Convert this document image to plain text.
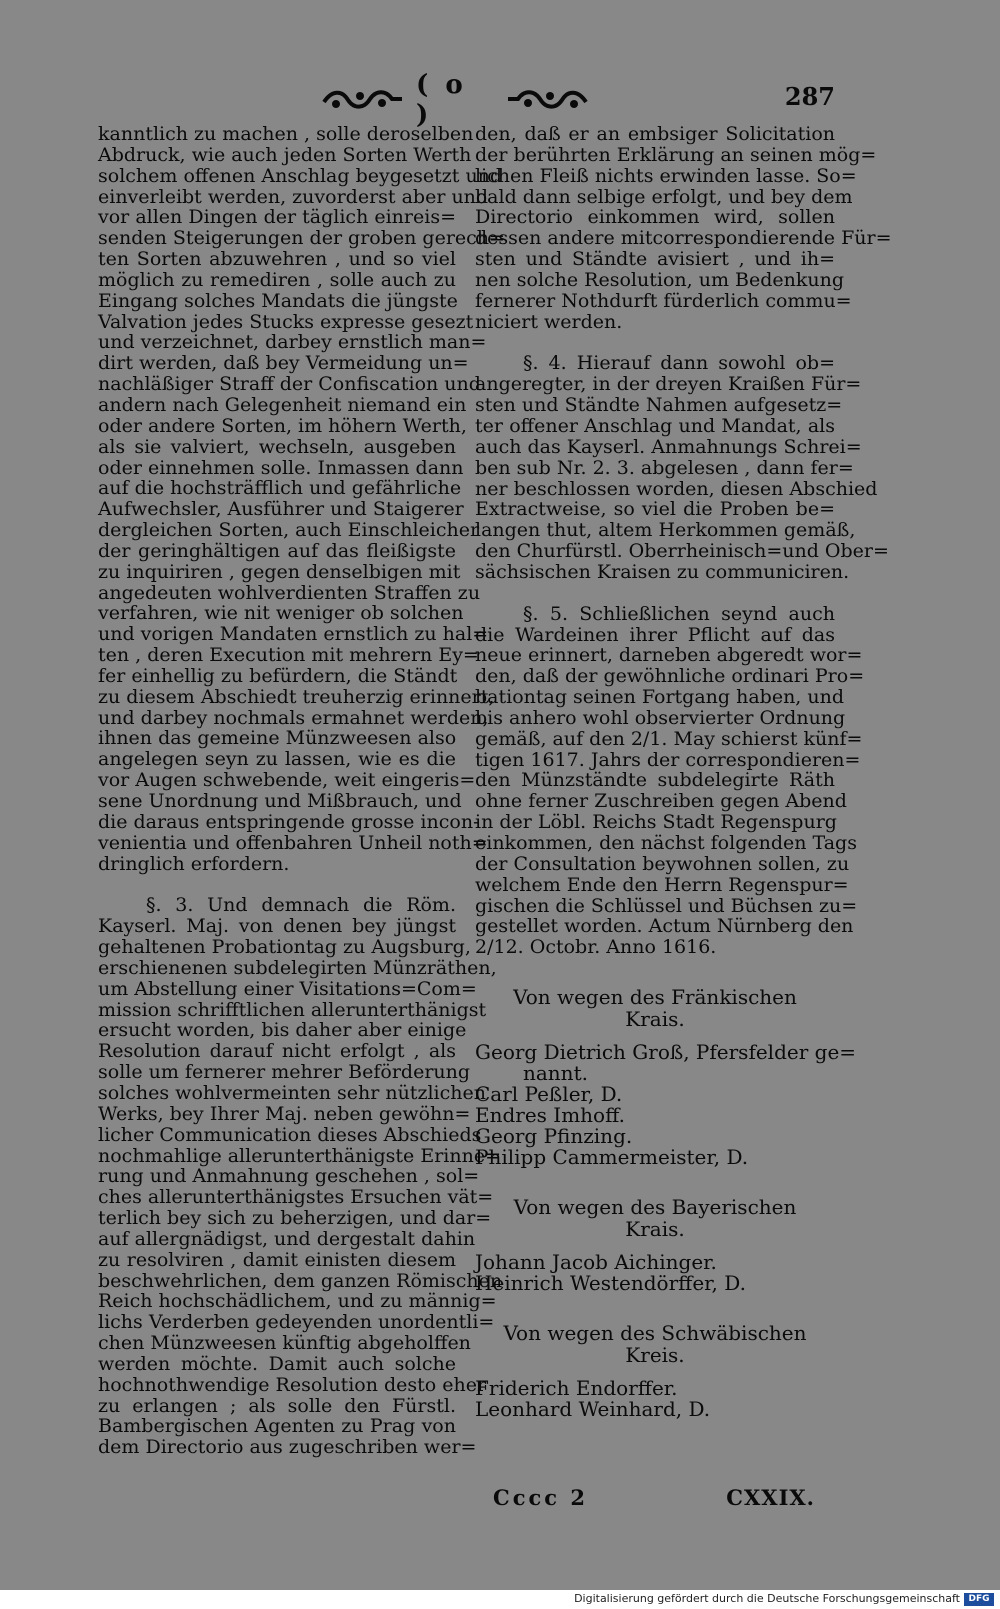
( o )
287
kanntlich zu machen , solle deroselben
Abdruck, wie auch jeden Sorten Werth
solchem offenen Anschlag beygesetzt und
einverleibt werden, zuvorderst aber und
vor allen Dingen der täglich einreis=
senden Steigerungen der groben gerech=
ten Sorten abzuwehren , und so viel
möglich zu remediren , solle auch zu
Eingang solches Mandats die jüngste
Valvation jedes Stucks expresse gesezt
und verzeichnet, darbey ernstlich man=
dirt werden, daß bey Vermeidung un=
nachläßiger Straff der Confiscation und
andern nach Gelegenheit niemand ein
oder andere Sorten, im höhern Werth,
als sie valviert, wechseln, ausgeben
oder einnehmen solle. Inmassen dann
auf die hochsträfflich und gefährliche
Aufwechsler, Ausführer und Staigerer
dergleichen Sorten, auch Einschleicher
der geringhältigen auf das fleißigste
zu inquiriren , gegen denselbigen mit
angedeuten wohlverdienten Straffen zu
verfahren, wie nit weniger ob solchen
und vorigen Mandaten ernstlich zu hal=
ten , deren Execution mit mehrern Ey=
fer einhellig zu befürdern, die Ständt
zu diesem Abschiedt treuherzig erinnert,
und darbey nochmals ermahnet werden,
ihnen das gemeine Münzweesen also
angelegen seyn zu lassen, wie es die
vor Augen schwebende, weit eingeris=
sene Unordnung und Mißbrauch, und
die daraus entspringende grosse incon-
venientia und offenbahren Unheil noth=
dringlich erfordern.
§. 3. Und demnach die Röm.
Kayserl. Maj. von denen bey jüngst
gehaltenen Probationtag zu Augsburg,
erschienenen subdelegirten Münzräthen,
um Abstellung einer Visitations=Com=
mission schrifftlichen allerunterthänigst
ersucht worden, bis daher aber einige
Resolution darauf nicht erfolgt , als
solle um fernerer mehrer Beförderung
solches wohlvermeinten sehr nützlichen
Werks, bey Ihrer Maj. neben gewöhn=
licher Communication dieses Abschieds
nochmahlige allerunterthänigste Erinne=
rung und Anmahnung geschehen , sol=
ches allerunterthänigstes Ersuchen vät=
terlich bey sich zu beherzigen, und dar=
auf allergnädigst, und dergestalt dahin
zu resolviren , damit einisten diesem
beschwehrlichen, dem ganzen Römischen
Reich hochschädlichem, und zu männig=
lichs Verderben gedeyenden unordentli=
chen Münzweesen künftig abgeholffen
werden möchte. Damit auch solche
hochnothwendige Resolution desto eher
zu erlangen ; als solle den Fürstl.
Bambergischen Agenten zu Prag von
dem Directorio aus zugeschriben wer=
den, daß er an embsiger Solicitation
der berührten Erklärung an seinen mög=
lichen Fleiß nichts erwinden lasse. So=
bald dann selbige erfolgt, und bey dem
Directorio einkommen wird, sollen
dessen andere mitcorrespondierende Für=
sten und Ständte avisiert , und ih=
nen solche Resolution, um Bedenkung
fernerer Nothdurft fürderlich commu=
niciert werden.
§. 4. Hierauf dann sowohl ob=
angeregter, in der dreyen Kraißen Für=
sten und Ständte Nahmen aufgesetz=
ter offener Anschlag und Mandat, als
auch das Kayserl. Anmahnungs Schrei=
ben sub Nr. 2. 3. abgelesen , dann fer=
ner beschlossen worden, diesen Abschied
Extractweise, so viel die Proben be=
langen thut, altem Herkommen gemäß,
den Churfürstl. Oberrheinisch=und Ober=
sächsischen Kraisen zu communiciren.
§. 5. Schließlichen seynd auch
die Wardeinen ihrer Pflicht auf das
neue erinnert, darneben abgeredt wor=
den, daß der gewöhnliche ordinari Pro=
bationtag seinen Fortgang haben, und
bis anhero wohl observierter Ordnung
gemäß, auf den 2/1. May schierst künf=
tigen 1617. Jahrs der correspondieren=
den Münzständte subdelegirte Räth
ohne ferner Zuschreiben gegen Abend
in der Löbl. Reichs Stadt Regenspurg
einkommen, den nächst folgenden Tags
der Consultation beywohnen sollen, zu
welchem Ende den Herrn Regenspur=
gischen die Schlüssel und Büchsen zu=
gestellet worden. Actum Nürnberg den
2/12. Octobr. Anno 1616.
Von wegen des Fränkischen
Krais.
Georg Dietrich Groß, Pfersfelder ge=
nannt.
Carl Peßler, D.
Endres Imhoff.
Georg Pfinzing.
Philipp Cammermeister, D.
Von wegen des Bayerischen
Krais.
Johann Jacob Aichinger.
Heinrich Westendörffer, D.
Von wegen des Schwäbischen
Kreis.
Friderich Endorffer.
Leonhard Weinhard, D.
Cccc 2	CXXIX.
Digitalisierung gefördert durch die Deutsche Forschungsgemeinschaft DFG
